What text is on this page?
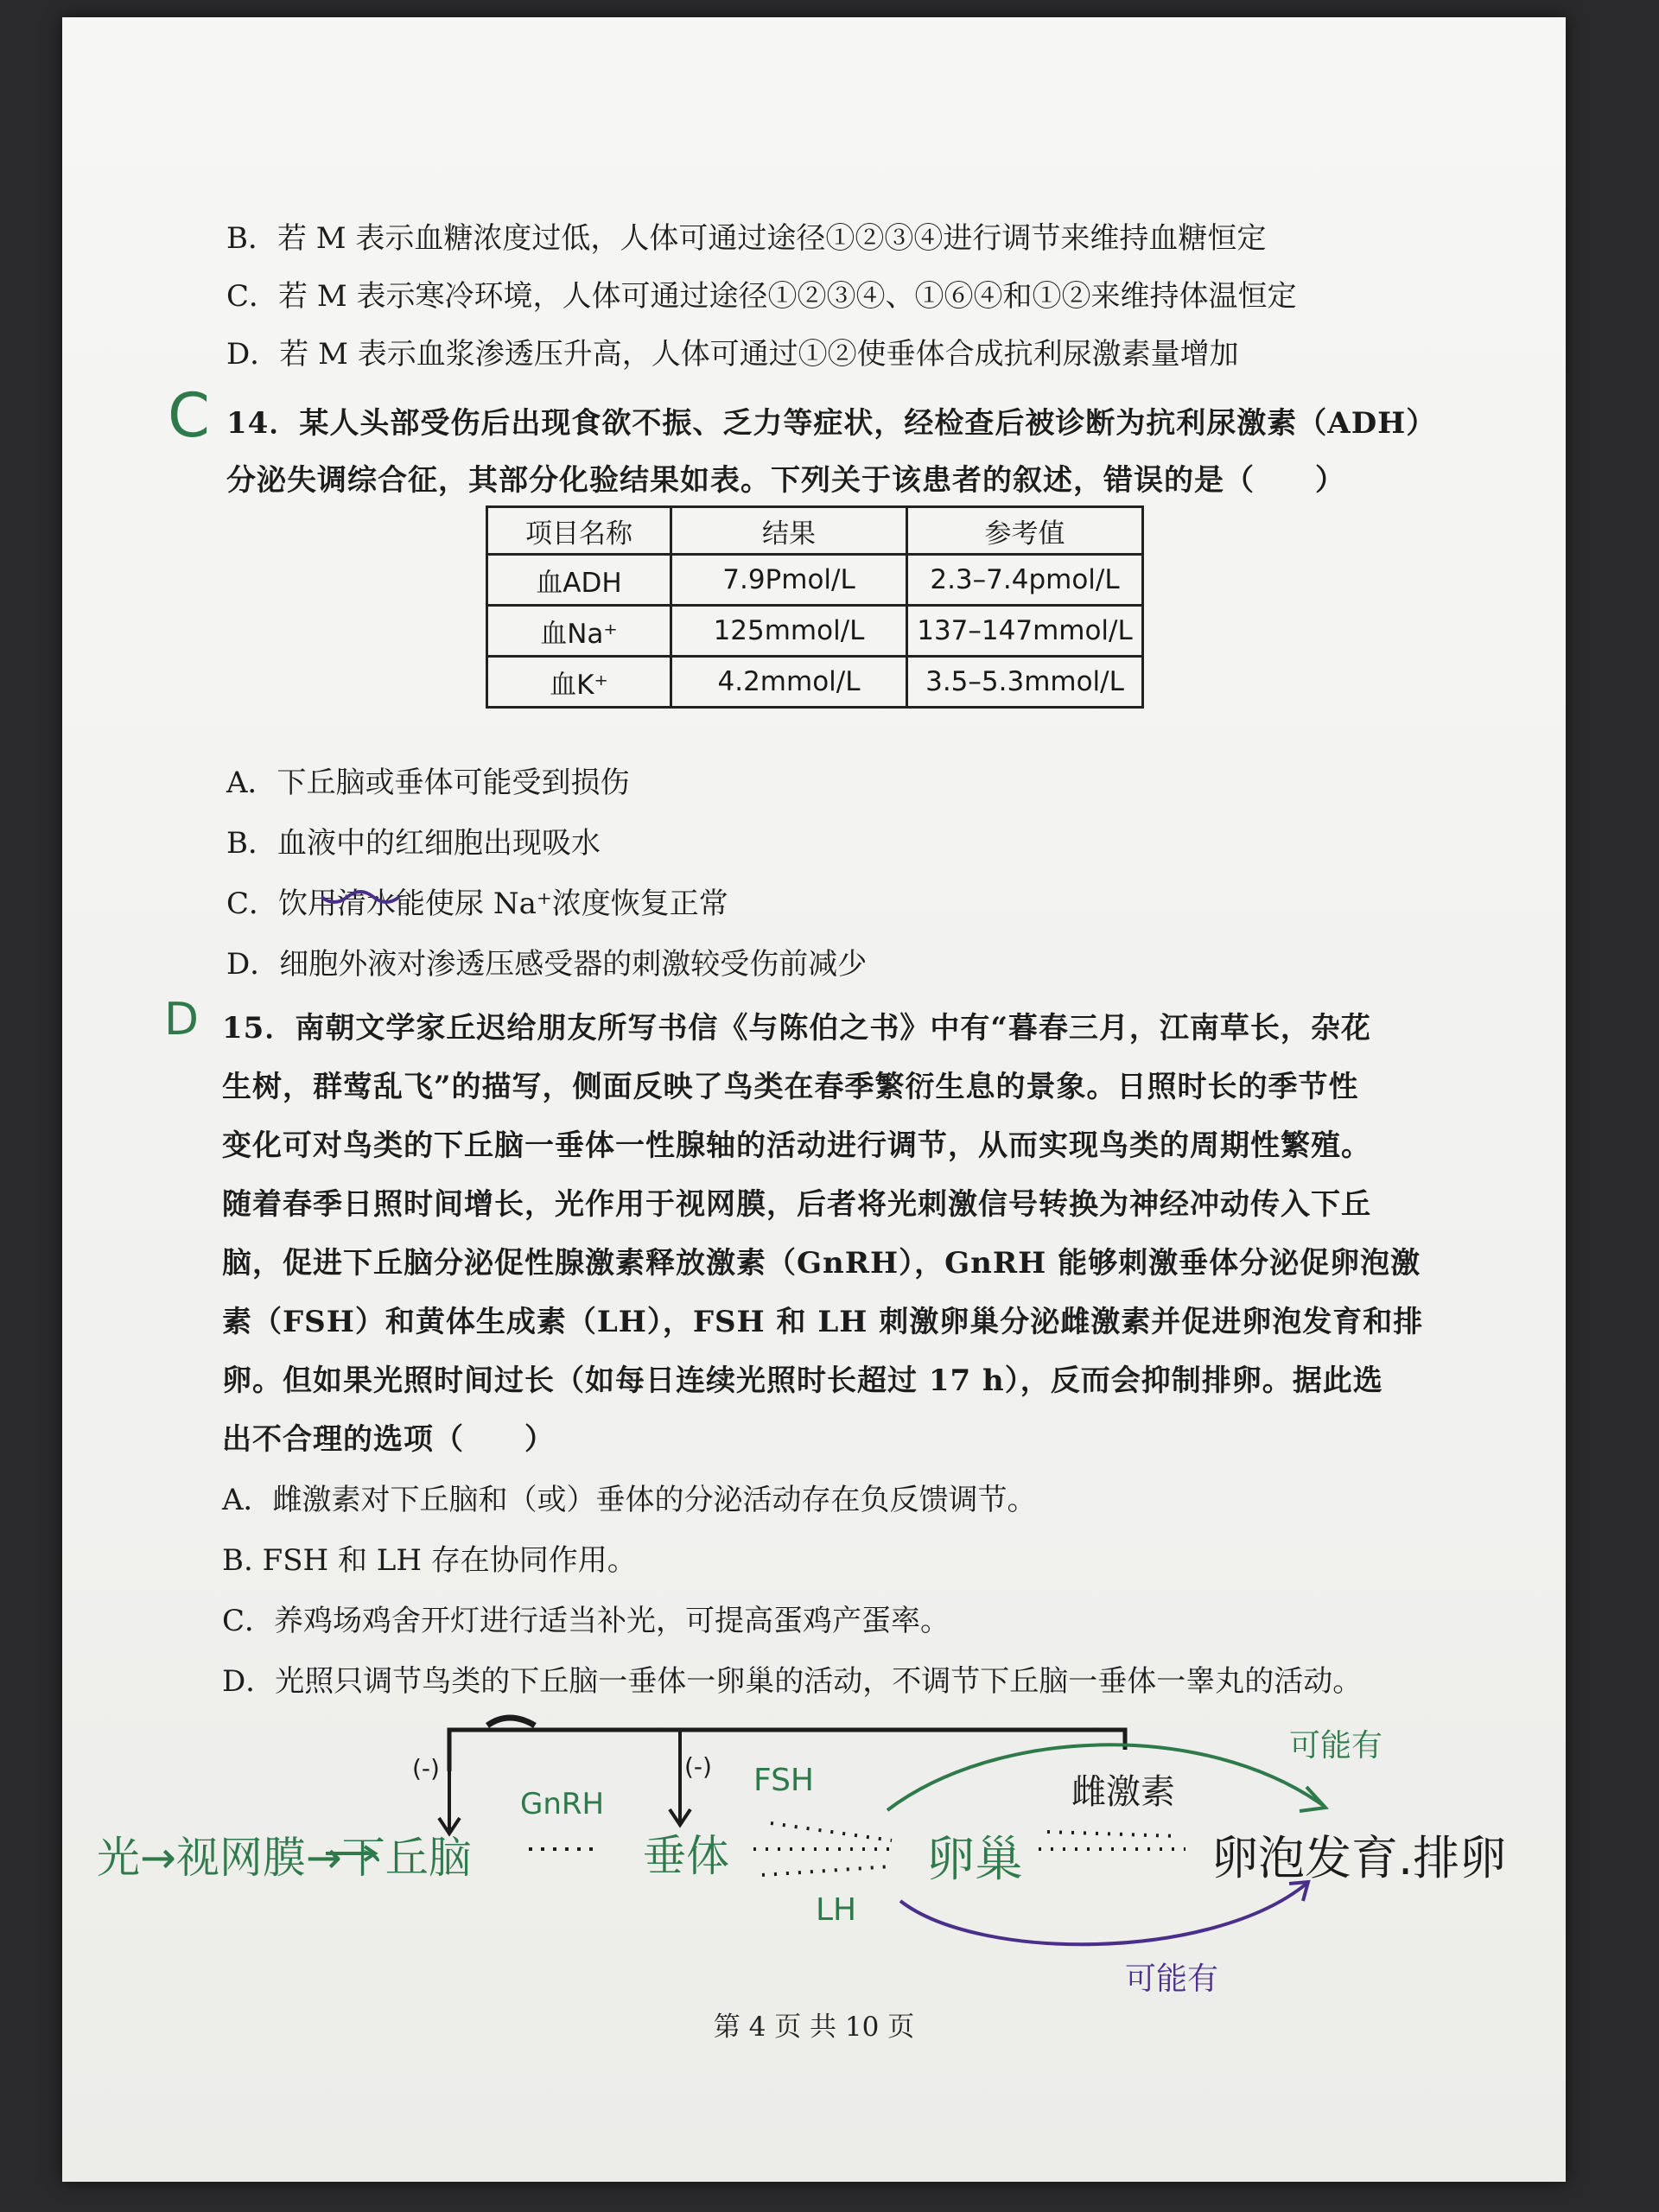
B．若 M 表示血糖浓度过低，人体可通过途径①②③④进行调节来维持血糖恒定
C．若 M 表示寒冷环境，人体可通过途径①②③④、①⑥④和①②来维持体温恒定
D．若 M 表示血浆渗透压升高，人体可通过①②使垂体合成抗利尿激素量增加
14．某人头部受伤后出现食欲不振、乏力等症状，经检查后被诊断为抗利尿激素（ADH）
分泌失调综合征，其部分化验结果如表。下列关于该患者的叙述，错误的是（　　）
项目名称	结果	参考值
血ADH	7.9Pmol/L	2.3–7.4pmol/L
血Na⁺	125mmol/L	137–147mmol/L
血K⁺	4.2mmol/L	3.5–5.3mmol/L
A．下丘脑或垂体可能受到损伤
B．血液中的红细胞出现吸水
C．饮用清水能使尿 Na⁺浓度恢复正常
D．细胞外液对渗透压感受器的刺激较受伤前减少
15．南朝文学家丘迟给朋友所写书信《与陈伯之书》中有“暮春三月，江南草长，杂花
生树，群莺乱飞”的描写，侧面反映了鸟类在春季繁衍生息的景象。日照时长的季节性
变化可对鸟类的下丘脑一垂体一性腺轴的活动进行调节，从而实现鸟类的周期性繁殖。
随着春季日照时间增长，光作用于视网膜，后者将光刺激信号转换为神经冲动传入下丘
脑，促进下丘脑分泌促性腺激素释放激素（GnRH），GnRH 能够刺激垂体分泌促卵泡激
素（FSH）和黄体生成素（LH），FSH 和 LH 刺激卵巢分泌雌激素并促进卵泡发育和排
卵。但如果光照时间过长（如每日连续光照时长超过 17 h），反而会抑制排卵。据此选
出不合理的选项（　　）
A．雌激素对下丘脑和（或）垂体的分泌活动存在负反馈调节。
B. FSH 和 LH 存在协同作用。
C．养鸡场鸡舍开灯进行适当补光，可提高蛋鸡产蛋率。
D．光照只调节鸟类的下丘脑一垂体一卵巢的活动，不调节下丘脑一垂体一睾丸的活动。
C
D
光→视网膜→下丘脑	垂体	卵巢	卵泡发育.排卵
(-)	(-)
GnRH
FSH
LH
雌激素
可能有
可能有
第 4 页 共 10 页
